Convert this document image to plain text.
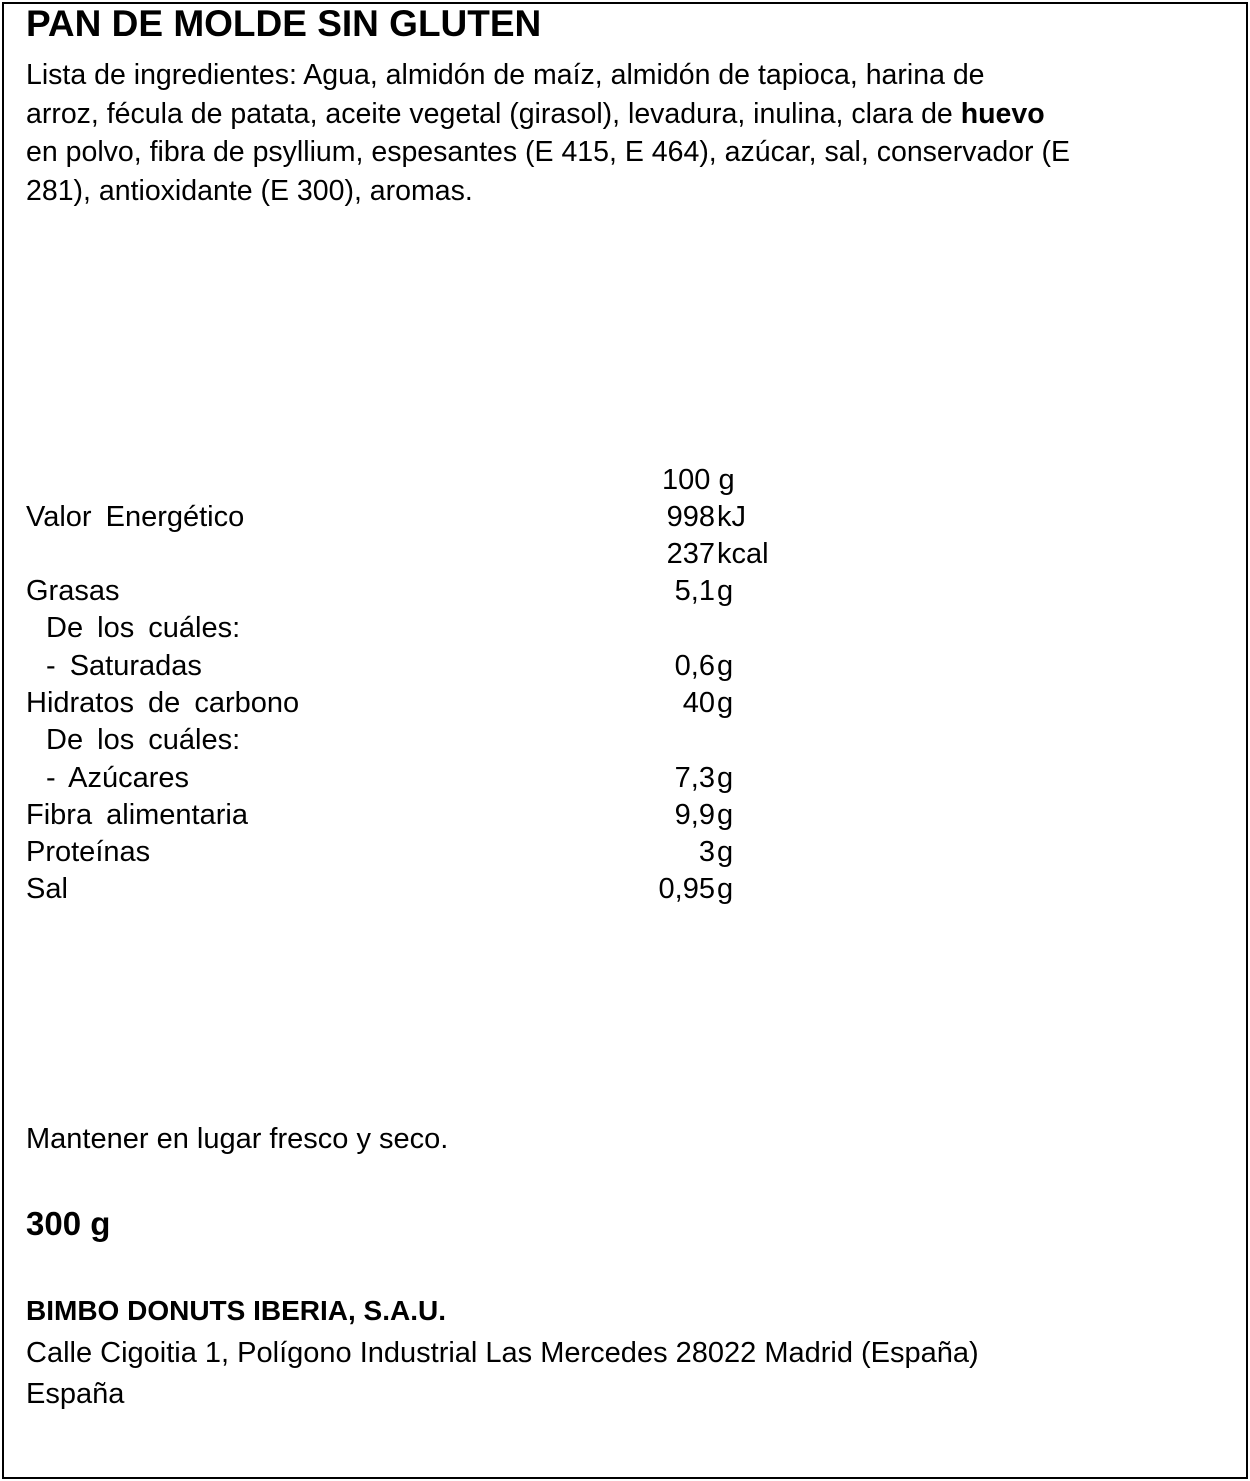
PAN DE MOLDE SIN GLUTEN
Lista de ingredientes: Agua, almidón de maíz, almidón de tapioca, harina de
arroz, fécula de patata, aceite vegetal (girasol), levadura, inulina, clara de huevo
en polvo, fibra de psyllium, espesantes (E 415, E 464), azúcar, sal, conservador (E
281), antioxidante (E 300), aromas.
100 g
Valor Energético	998 kJ
237 kcal
Grasas	5,1 g
De los cuáles:
- Saturadas	0,6 g
Hidratos de carbono	40 g
De los cuáles:
- Azúcares	7,3 g
Fibra alimentaria	9,9 g
Proteínas	3 g
Sal	0,95 g
Mantener en lugar fresco y seco.
300 g
BIMBO DONUTS IBERIA, S.A.U.
Calle Cigoitia 1, Polígono Industrial Las Mercedes 28022 Madrid (España)
España
